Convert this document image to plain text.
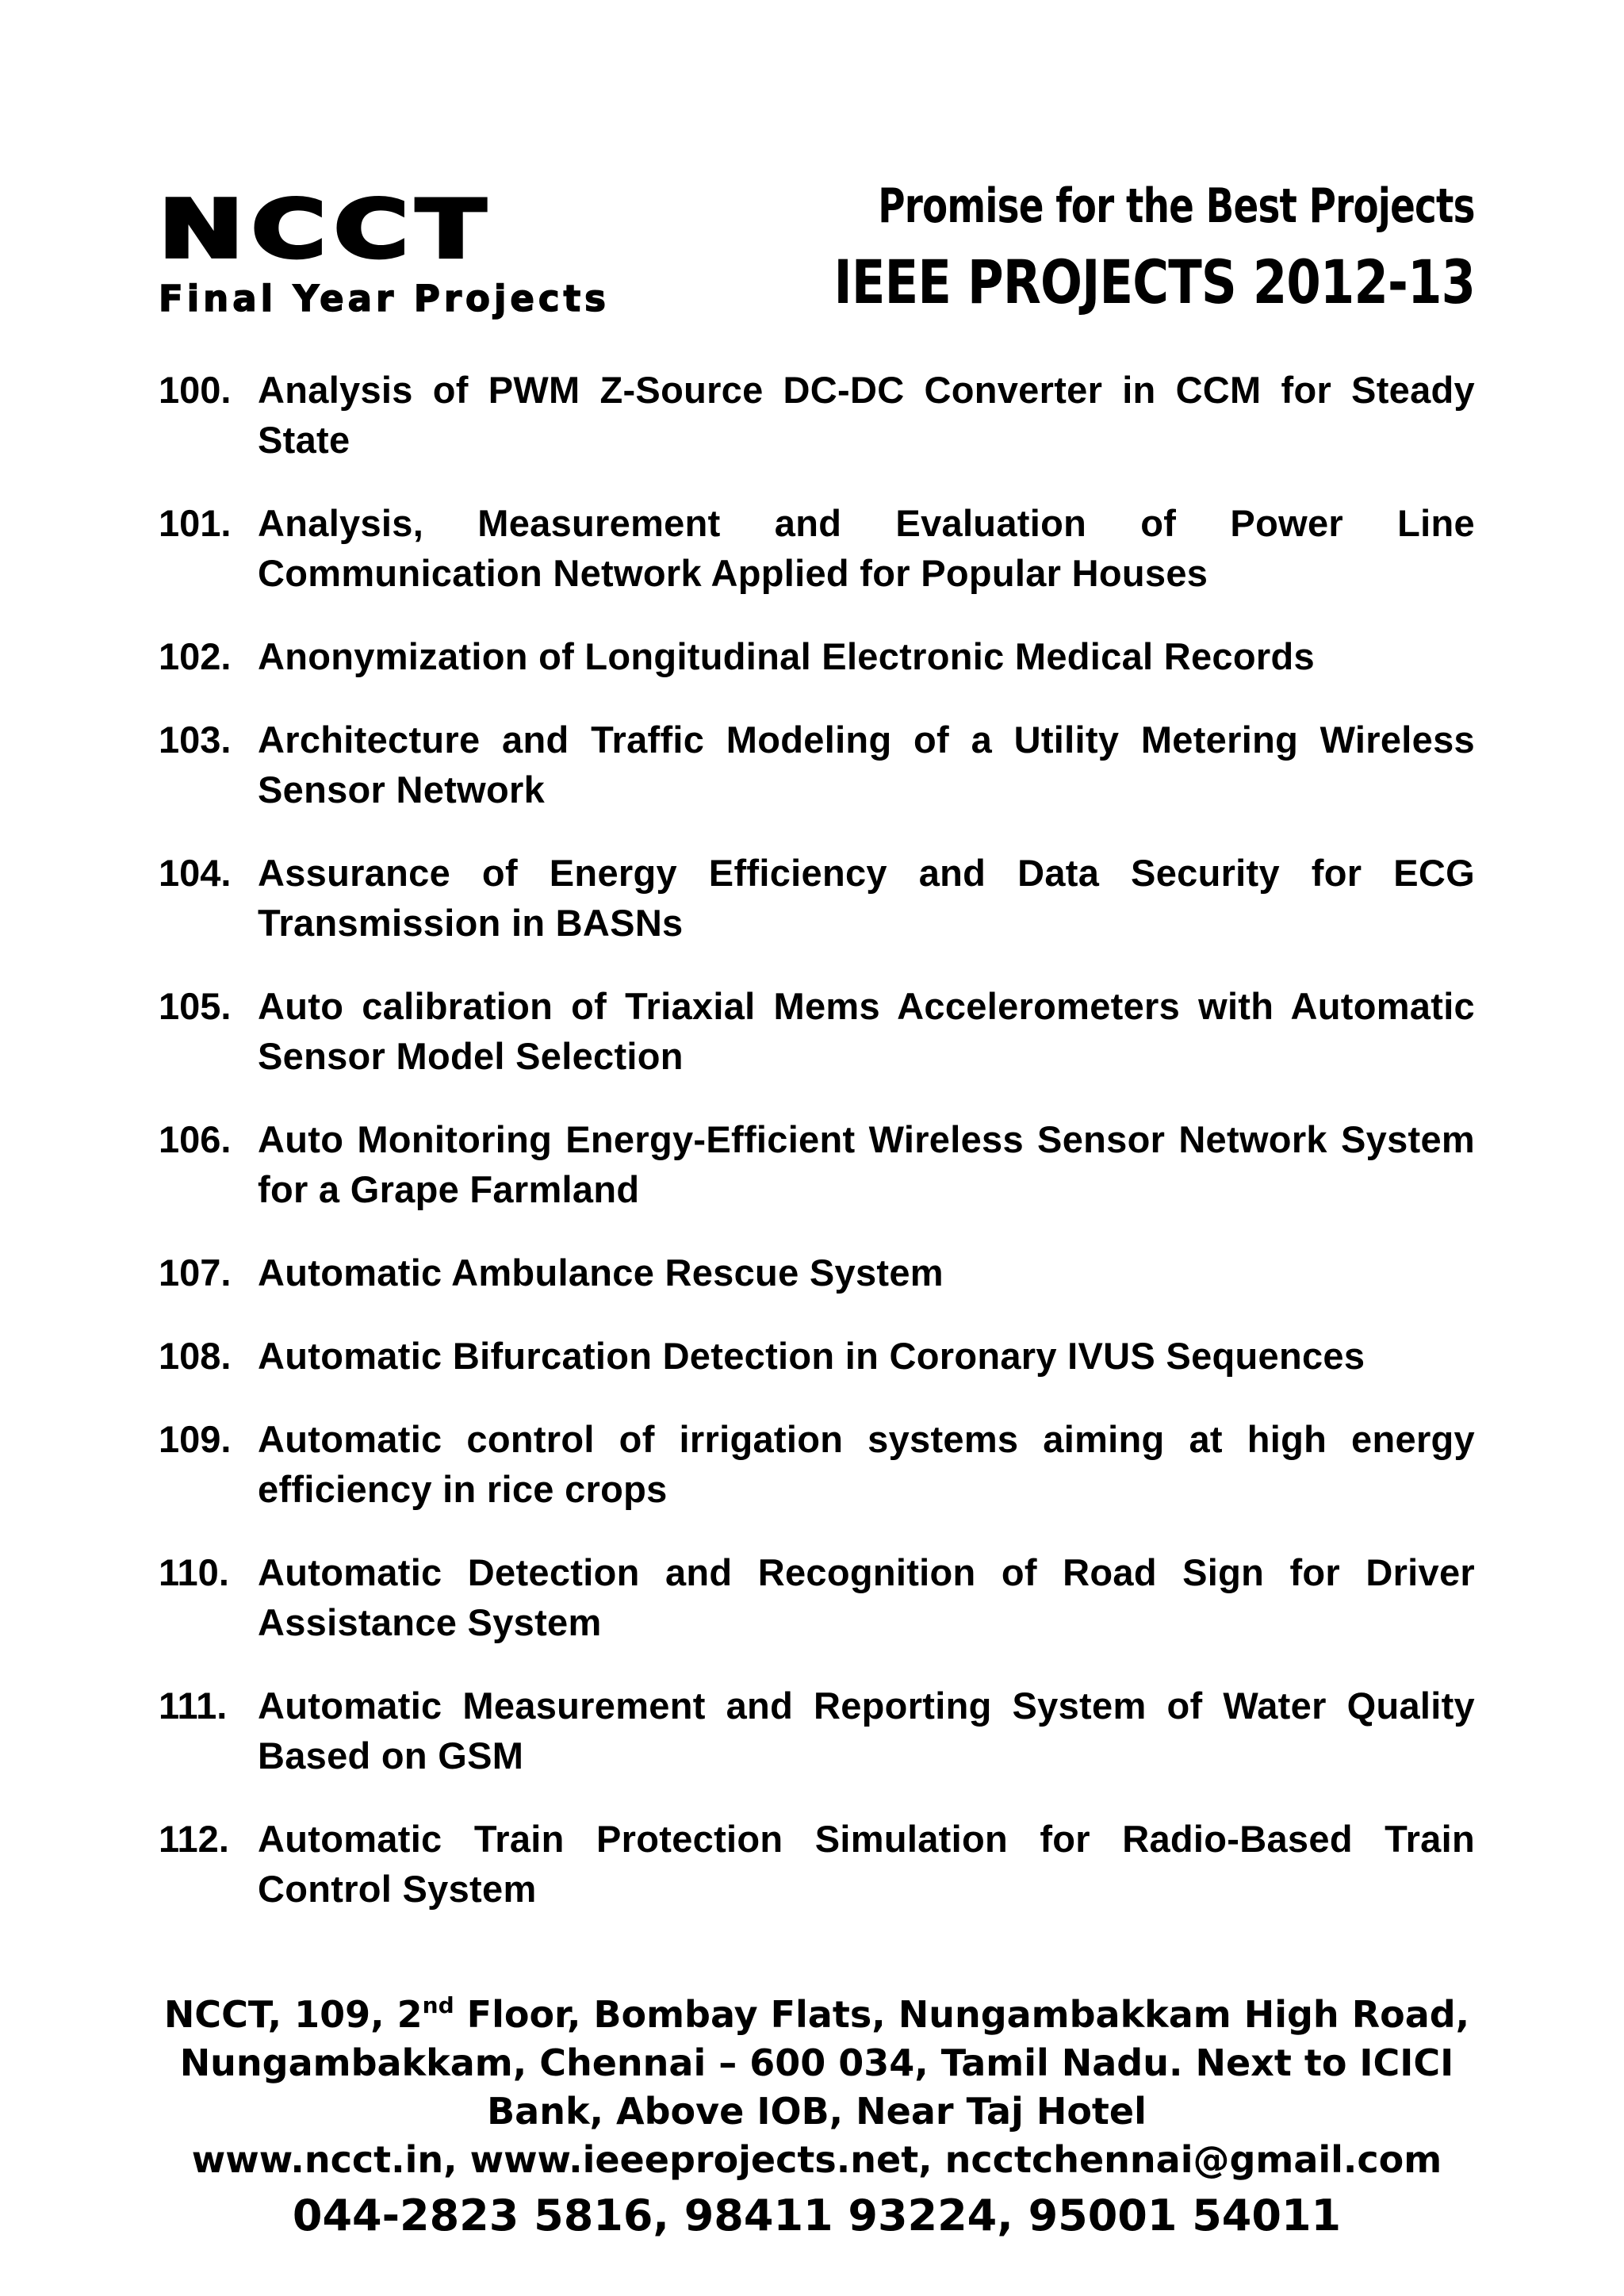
NCCT
Final Year Projects
Promise for the Best Projects
IEEE PROJECTS 2012-13
100. Analysis of PWM Z-Source DC-DC Converter in CCM for Steady State
101. Analysis, Measurement and Evaluation of Power Line Communication Network Applied for Popular Houses
102. Anonymization of Longitudinal Electronic Medical Records
103. Architecture and Traffic Modeling of a Utility Metering Wireless Sensor Network
104. Assurance of Energy Efficiency and Data Security for ECG Transmission in BASNs
105. Auto calibration of Triaxial Mems Accelerometers with Automatic Sensor Model Selection
106. Auto Monitoring Energy-Efficient Wireless Sensor Network System for a Grape Farmland
107. Automatic Ambulance Rescue System
108. Automatic Bifurcation Detection in Coronary IVUS Sequences
109. Automatic control of irrigation systems aiming at high energy efficiency in rice crops
110. Automatic Detection and Recognition of Road Sign for Driver Assistance System
111. Automatic Measurement and Reporting System of Water Quality Based on GSM
112. Automatic Train Protection Simulation for Radio-Based Train Control System
NCCT, 109, 2nd Floor, Bombay Flats, Nungambakkam High Road, Nungambakkam, Chennai – 600 034, Tamil Nadu. Next to ICICI Bank, Above IOB, Near Taj Hotel
www.ncct.in, www.ieeeprojects.net, ncctchennai@gmail.com
044-2823 5816, 98411 93224, 95001 54011
